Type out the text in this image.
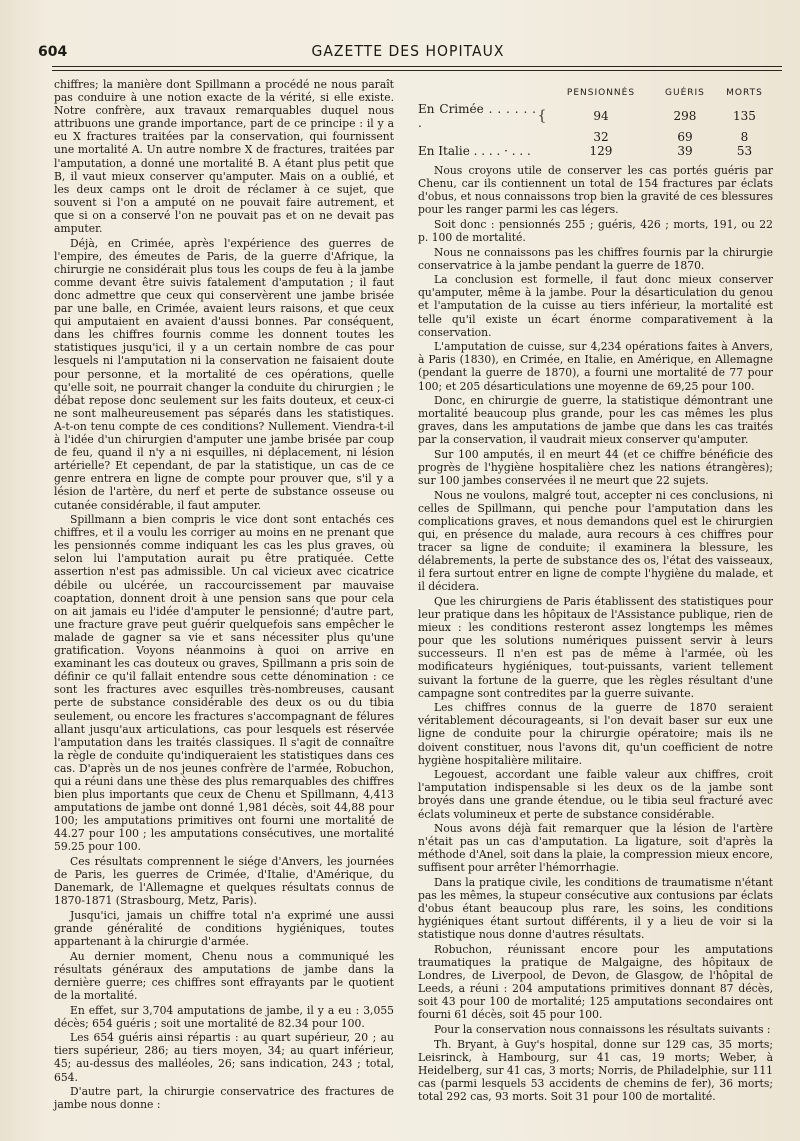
604	GAZETTE DES HOPITAUX

chiffres; la manière dont Spillmann a procédé ne nous paraît pas conduire à une notion exacte de la vérité, si elle existe. Notre confrère, aux travaux remarquables duquel nous attribuons une grande importance, part de ce principe : il y a eu X fractures traitées par la conservation, qui fournissent une mortalité A. Un autre nombre X de fractures, traitées par l'amputation, a donné une mortalité B. A étant plus petit que B, il vaut mieux conserver qu'amputer. Mais on a oublié, et les deux camps ont le droit de réclamer à ce sujet, que souvent si l'on a amputé on ne pouvait faire autrement, et que si on a conservé l'on ne pouvait pas et on ne devait pas amputer.

Déjà, en Crimée, après l'expérience des guerres de l'empire, des émeutes de Paris, de la guerre d'Afrique, la chirurgie ne considérait plus tous les coups de feu à la jambe comme devant être suivis fatalement d'amputation ; il faut donc admettre que ceux qui conservèrent une jambe brisée par une balle, en Crimée, avaient leurs raisons, et que ceux qui amputaient en avaient d'aussi bonnes. Par conséquent, dans les chiffres fournis comme les donnent toutes les statistiques jusqu'ici, il y a un certain nombre de cas pour lesquels ni l'amputation ni la conservation ne faisaient doute pour personne, et la mortalité de ces opérations, quelle qu'elle soit, ne pourrait changer la conduite du chirurgien ; le débat repose donc seulement sur les faits douteux, et ceux-ci ne sont malheureusement pas séparés dans les statistiques. A-t-on tenu compte de ces conditions? Nullement. Viendra-t-il à l'idée d'un chirurgien d'amputer une jambe brisée par coup de feu, quand il n'y a ni esquilles, ni déplacement, ni lésion artérielle? Et cependant, de par la statistique, un cas de ce genre entrera en ligne de compte pour prouver que, s'il y a lésion de l'artère, du nerf et perte de substance osseuse ou cutanée considérable, il faut amputer.

Spillmann a bien compris le vice dont sont entachés ces chiffres, et il a voulu les corriger au moins en ne prenant que les pensionnés comme indiquant les cas les plus graves, où selon lui l'amputation aurait pu être pratiquée. Cette assertion n'est pas admissible. Un cal vicieux avec cicatrice débile ou ulcérée, un raccourcissement par mauvaise coaptation, donnent droit à une pension sans que pour cela on ait jamais eu l'idée d'amputer le pensionné; d'autre part, une fracture grave peut guérir quelquefois sans empêcher le malade de gagner sa vie et sans nécessiter plus qu'une gratification. Voyons néanmoins à quoi on arrive en examinant les cas douteux ou graves, Spillmann a pris soin de définir ce qu'il fallait entendre sous cette dénomination : ce sont les fractures avec esquilles très-nombreuses, causant perte de substance considérable des deux os ou du tibia seulement, ou encore les fractures s'accompagnant de félures allant jusqu'aux articulations, cas pour lesquels est réservée l'amputation dans les traités classiques. Il s'agit de connaître la règle de conduite qu'indiqueraient les statistiques dans ces cas. D'après un de nos jeunes confrère de l'armée, Robuchon, qui a réuni dans une thèse des plus remarquables des chiffres bien plus importants que ceux de Chenu et Spillmann, 4,413 amputations de jambe ont donné 1,981 décès, soit 44,88 pour 100; les amputations primitives ont fourni une mortalité de 44.27 pour 100 ; les amputations consécutives, une mortalité 59.25 pour 100.

Ces résultats comprennent le siége d'Anvers, les journées de Paris, les guerres de Crimée, d'Italie, d'Amérique, du Danemark, de l'Allemagne et quelques résultats connus de 1870-1871 (Strasbourg, Metz, Paris).

Jusqu'ici, jamais un chiffre total n'a exprimé une aussi grande généralité de conditions hygiéniques, toutes appartenant à la chirurgie d'armée.

Au dernier moment, Chenu nous a communiqué les résultats généraux des amputations de jambe dans la dernière guerre; ces chiffres sont effrayants par le quotient de la mortalité.

En effet, sur 3,704 amputations de jambe, il y a eu : 3,055 décès; 654 guéris ; soit une mortalité de 82.34 pour 100.

Les 654 guéris ainsi répartis : au quart supérieur, 20 ; au tiers supérieur, 286; au tiers moyen, 34; au quart inférieur, 45; au-dessus des malléoles, 26; sans indication, 243 ; total, 654.

D'autre part, la chirurgie conservatrice des fractures de jambe nous donne :

		PENSIONNÉS	GUÉRIS	MORTS
En Crimée . . . . . . .	{	94	298	135
		32	69	8
En Italie . . . . · . . .		129	39	53

Nous croyons utile de conserver les cas portés guéris par Chenu, car ils contiennent un total de 154 fractures par éclats d'obus, et nous connaissons trop bien la gravité de ces blessures pour les ranger parmi les cas légers.

Soit donc : pensionnés 255 ; guéris, 426 ; morts, 191, ou 22 p. 100 de mortalité.

Nous ne connaissons pas les chiffres fournis par la chirurgie conservatrice à la jambe pendant la guerre de 1870.

La conclusion est formelle, il faut donc mieux conserver qu'amputer, même à la jambe. Pour la désarticulation du genou et l'amputation de la cuisse au tiers inférieur, la mortalité est telle qu'il existe un écart énorme comparativement à la conservation.

L'amputation de cuisse, sur 4,234 opérations faites à Anvers, à Paris (1830), en Crimée, en Italie, en Amérique, en Allemagne (pendant la guerre de 1870), a fourni une mortalité de 77 pour 100; et 205 désarticulations une moyenne de 69,25 pour 100.

Donc, en chirurgie de guerre, la statistique démontrant une mortalité beaucoup plus grande, pour les cas mêmes les plus graves, dans les amputations de jambe que dans les cas traités par la conservation, il vaudrait mieux conserver qu'amputer.

Sur 100 amputés, il en meurt 44 (et ce chiffre bénéficie des progrès de l'hygiène hospitalière chez les nations étrangères); sur 100 jambes conservées il ne meurt que 22 sujets.

Nous ne voulons, malgré tout, accepter ni ces conclusions, ni celles de Spillmann, qui penche pour l'amputation dans les complications graves, et nous demandons quel est le chirurgien qui, en présence du malade, aura recours à ces chiffres pour tracer sa ligne de conduite; il examinera la blessure, les délabrements, la perte de substance des os, l'état des vaisseaux, il fera surtout entrer en ligne de compte l'hygiène du malade, et il décidera.

Que les chirurgiens de Paris établissent des statistiques pour leur pratique dans les hôpitaux de l'Assistance publique, rien de mieux : les conditions resteront assez longtemps les mêmes pour que les solutions numériques puissent servir à leurs successeurs. Il n'en est pas de même à l'armée, où les modificateurs hygiéniques, tout-puissants, varient tellement suivant la fortune de la guerre, que les règles résultant d'une campagne sont contredites par la guerre suivante.

Les chiffres connus de la guerre de 1870 seraient véritablement décourageants, si l'on devait baser sur eux une ligne de conduite pour la chirurgie opératoire; mais ils ne doivent constituer, nous l'avons dit, qu'un coefficient de notre hygiène hospitalière militaire.

Legouest, accordant une faible valeur aux chiffres, croit l'amputation indispensable si les deux os de la jambe sont broyés dans une grande étendue, ou le tibia seul fracturé avec éclats volumineux et perte de substance considérable.

Nous avons déjà fait remarquer que la lésion de l'artère n'était pas un cas d'amputation. La ligature, soit d'après la méthode d'Anel, soit dans la plaie, la compression mieux encore, suffisent pour arrêter l'hémorrhagie.

Dans la pratique civile, les conditions de traumatisme n'étant pas les mêmes, la stupeur consécutive aux contusions par éclats d'obus étant beaucoup plus rare, les soins, les conditions hygiéniques étant surtout différents, il y a lieu de voir si la statistique nous donne d'autres résultats.

Robuchon, réunissant encore pour les amputations traumatiques la pratique de Malgaigne, des hôpitaux de Londres, de Liverpool, de Devon, de Glasgow, de l'hôpital de Leeds, a réuni : 204 amputations primitives donnant 87 décès, soit 43 pour 100 de mortalité; 125 amputations secondaires ont fourni 61 décès, soit 45 pour 100.

Pour la conservation nous connaissons les résultats suivants :

Th. Bryant, à Guy's hospital, donne sur 129 cas, 35 morts; Leisrinck, à Hambourg, sur 41 cas, 19 morts; Weber, à Heidelberg, sur 41 cas, 3 morts; Norris, de Philadelphie, sur 111 cas (parmi lesquels 53 accidents de chemins de fer), 36 morts; total 292 cas, 93 morts. Soit 31 pour 100 de mortalité.
